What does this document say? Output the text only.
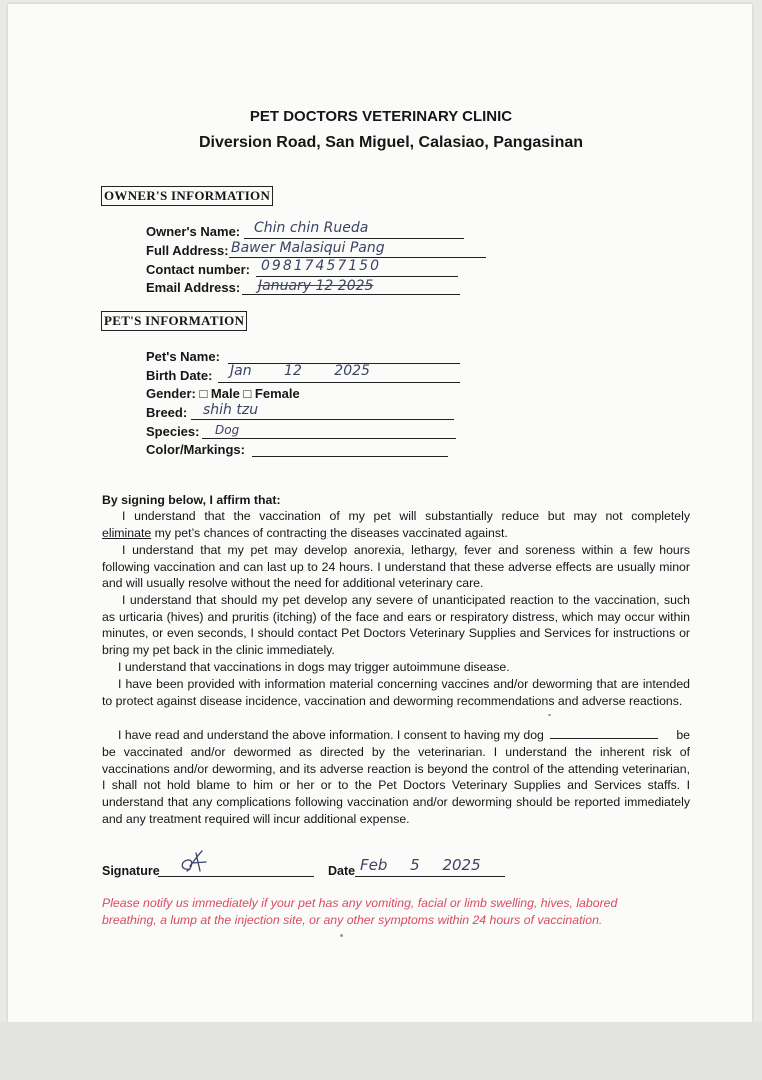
PET DOCTORS VETERINARY CLINIC
Diversion Road, San Miguel, Calasiao, Pangasinan
OWNER'S INFORMATION
Owner's Name: Chin chin Rueda
Full Address: Bawer Malasiqui Pang
Contact number: 09817457150
Email Address: January 12 2025
PET'S INFORMATION
Pet's Name:
Birth Date: Jan 12 2025
Gender: □ Male □ Female
Breed: shih tzu
Species: Dog
Color/Markings:
By signing below, I affirm that:
I understand that the vaccination of my pet will substantially reduce but may not completely
eliminate my pet’s chances of contracting the diseases vaccinated against.
I understand that my pet may develop anorexia, lethargy, fever and soreness within a few hours following vaccination and can last up to 24 hours. I understand that these adverse effects are usually minor and will usually resolve without the need for additional veterinary care.
I understand that should my pet develop any severe of unanticipated reaction to the vaccination, such as urticaria (hives) and pruritis (itching) of the face and ears or respiratory distress, which may occur within minutes, or even seconds, I should contact Pet Doctors Veterinary Supplies and Services for instructions or bring my pet back in the clinic immediately.
I understand that vaccinations in dogs may trigger autoimmune disease.
I have been provided with information material concerning vaccines and/or deworming that are intended to protect against disease incidence, vaccination and deworming recommendations and adverse reactions.
I have read and understand the above information. I consent to having my dog	be
be vaccinated and/or dewormed as directed by the veterinarian. I understand the inherent risk of vaccinations and/or deworming, and its adverse reaction is beyond the control of the attending veterinarian, I shall not hold blame to him or her or to the Pet Doctors Veterinary Supplies and Services staffs. I understand that any complications following vaccination and/or deworming should be reported immediately and any treatment required will incur additional expense.
Signature	Date Feb 5 2025
Please notify us immediately if your pet has any vomiting, facial or limb swelling, hives, labored
breathing, a lump at the injection site, or any other symptoms within 24 hours of vaccination.
